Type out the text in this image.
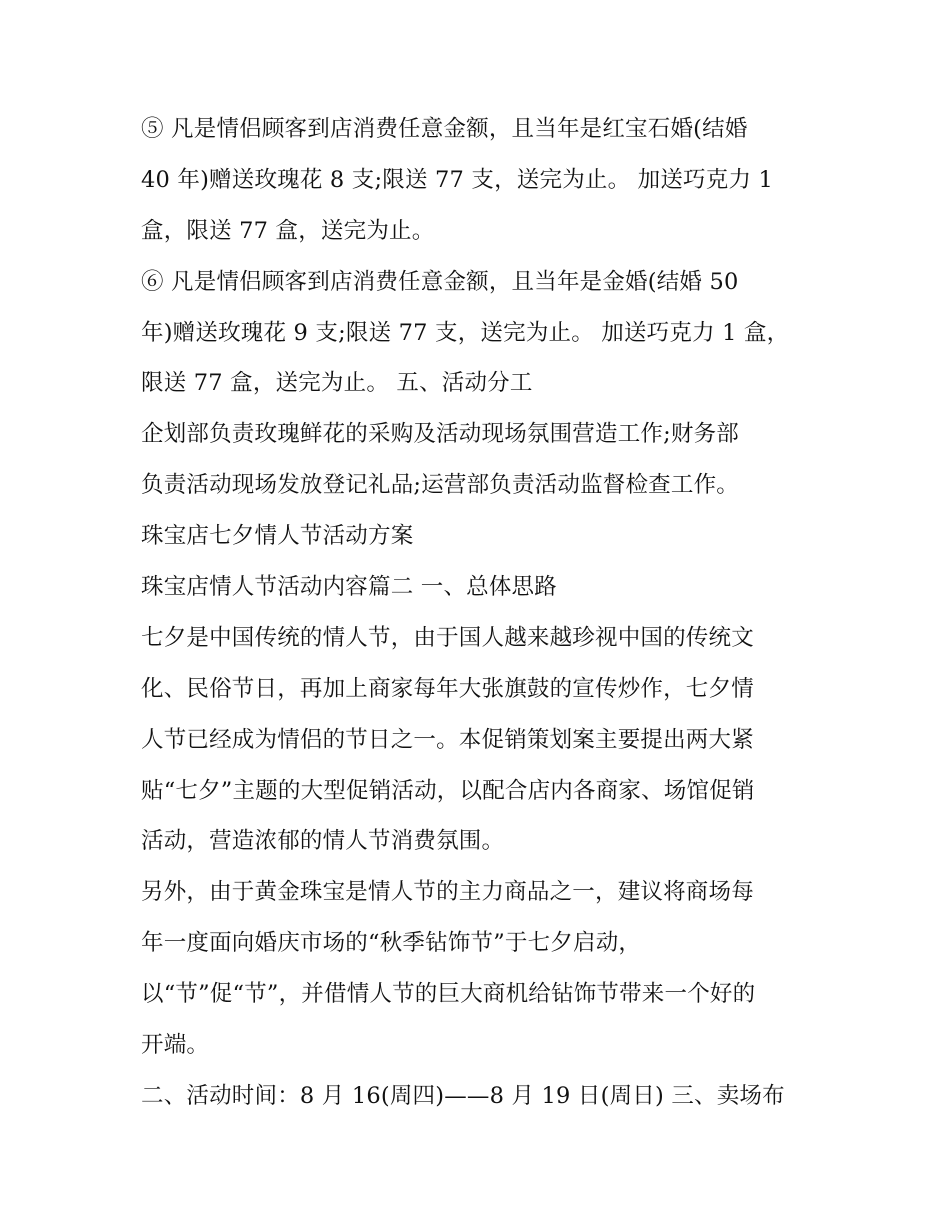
⑤ 凡是情侣顾客到店消费任意金额，且当年是红宝石婚(结婚
40 年)赠送玫瑰花 8 支;限送 77 支，送完为止。 加送巧克力 1
盒，限送 77 盒，送完为止。
⑥ 凡是情侣顾客到店消费任意金额，且当年是金婚(结婚 50
年)赠送玫瑰花 9 支;限送 77 支，送完为止。 加送巧克力 1 盒，
限送 77 盒，送完为止。 五、活动分工
企划部负责玫瑰鲜花的采购及活动现场氛围营造工作;财务部
负责活动现场发放登记礼品;运营部负责活动监督检查工作。
珠宝店七夕情人节活动方案
珠宝店情人节活动内容篇二 一、总体思路
七夕是中国传统的情人节，由于国人越来越珍视中国的传统文
化、民俗节日，再加上商家每年大张旗鼓的宣传炒作，七夕情
人节已经成为情侣的节日之一。本促销策划案主要提出两大紧
贴“七夕”主题的大型促销活动，以配合店内各商家、场馆促销
活动，营造浓郁的情人节消费氛围。
另外，由于黄金珠宝是情人节的主力商品之一，建议将商场每
年一度面向婚庆市场的“秋季钻饰节”于七夕启动，
以“节”促“节”，并借情人节的巨大商机给钻饰节带来一个好的
开端。
二、活动时间：8 月 16(周四)——8 月 19 日(周日) 三、卖场布
